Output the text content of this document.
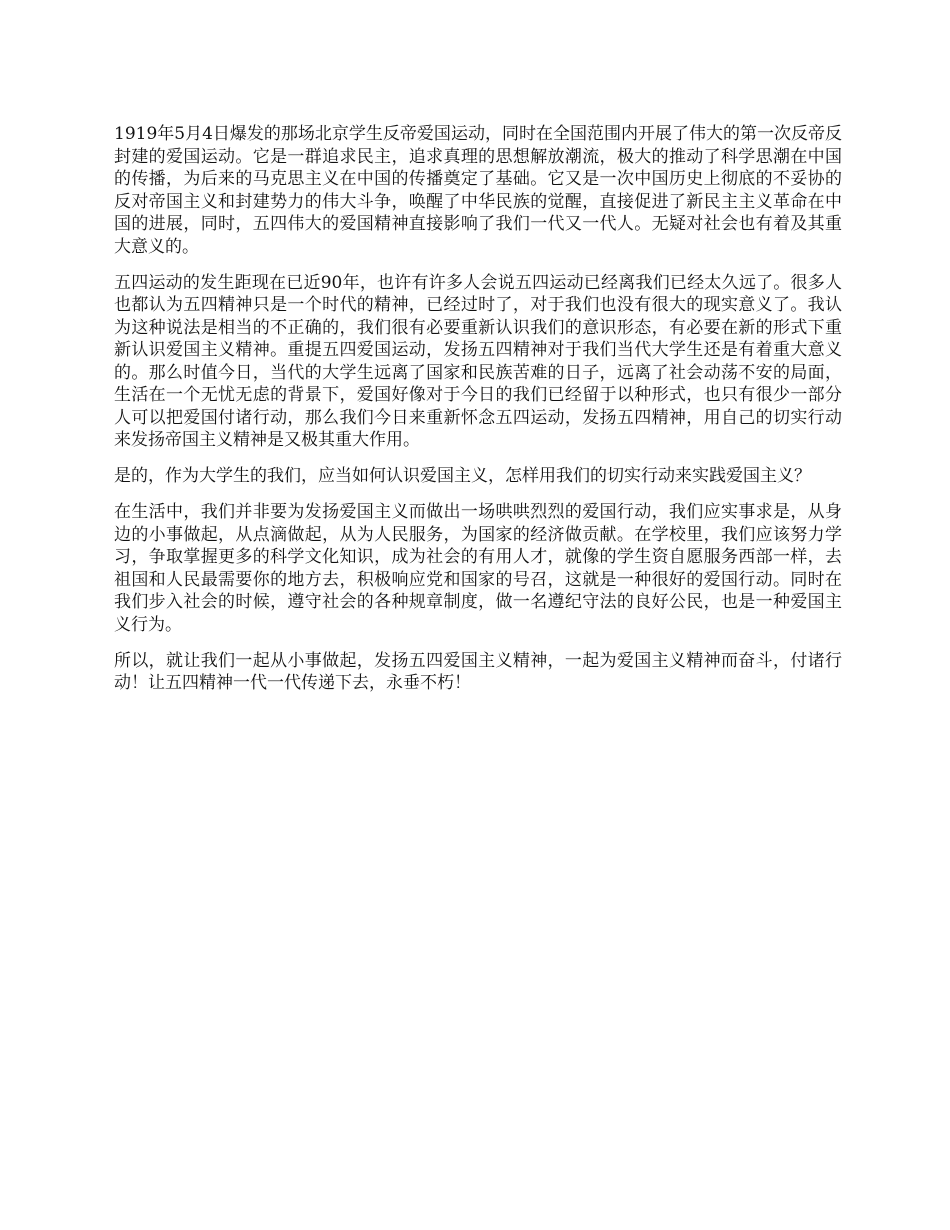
1919年5月4日爆发的那场北京学生反帝爱国运动，同时在全国范围内开展了伟大的第一次反帝反封建的爱国运动。它是一群追求民主，追求真理的思想解放潮流，极大的推动了科学思潮在中国的传播，为后来的马克思主义在中国的传播奠定了基础。它又是一次中国历史上彻底的不妥协的反对帝国主义和封建势力的伟大斗争，唤醒了中华民族的觉醒，直接促进了新民主主义革命在中国的进展，同时，五四伟大的爱国精神直接影响了我们一代又一代人。无疑对社会也有着及其重大意义的。

五四运动的发生距现在已近90年，也许有许多人会说五四运动已经离我们已经太久远了。很多人也都认为五四精神只是一个时代的精神，已经过时了，对于我们也没有很大的现实意义了。我认为这种说法是相当的不正确的，我们很有必要重新认识我们的意识形态，有必要在新的形式下重新认识爱国主义精神。重提五四爱国运动，发扬五四精神对于我们当代大学生还是有着重大意义的。那么时值今日，当代的大学生远离了国家和民族苦难的日子，远离了社会动荡不安的局面，生活在一个无忧无虑的背景下，爱国好像对于今日的我们已经留于以种形式，也只有很少一部分人可以把爱国付诸行动，那么我们今日来重新怀念五四运动，发扬五四精神，用自己的切实行动来发扬帝国主义精神是又极其重大作用。

是的，作为大学生的我们，应当如何认识爱国主义，怎样用我们的切实行动来实践爱国主义？

在生活中，我们并非要为发扬爱国主义而做出一场哄哄烈烈的爱国行动，我们应实事求是，从身边的小事做起，从点滴做起，从为人民服务，为国家的经济做贡献。在学校里，我们应该努力学习，争取掌握更多的科学文化知识，成为社会的有用人才，就像的学生资自愿服务西部一样，去祖国和人民最需要你的地方去，积极响应党和国家的号召，这就是一种很好的爱国行动。同时在我们步入社会的时候，遵守社会的各种规章制度，做一名遵纪守法的良好公民，也是一种爱国主义行为。

所以，就让我们一起从小事做起，发扬五四爱国主义精神，一起为爱国主义精神而奋斗，付诸行动！让五四精神一代一代传递下去，永垂不朽！
